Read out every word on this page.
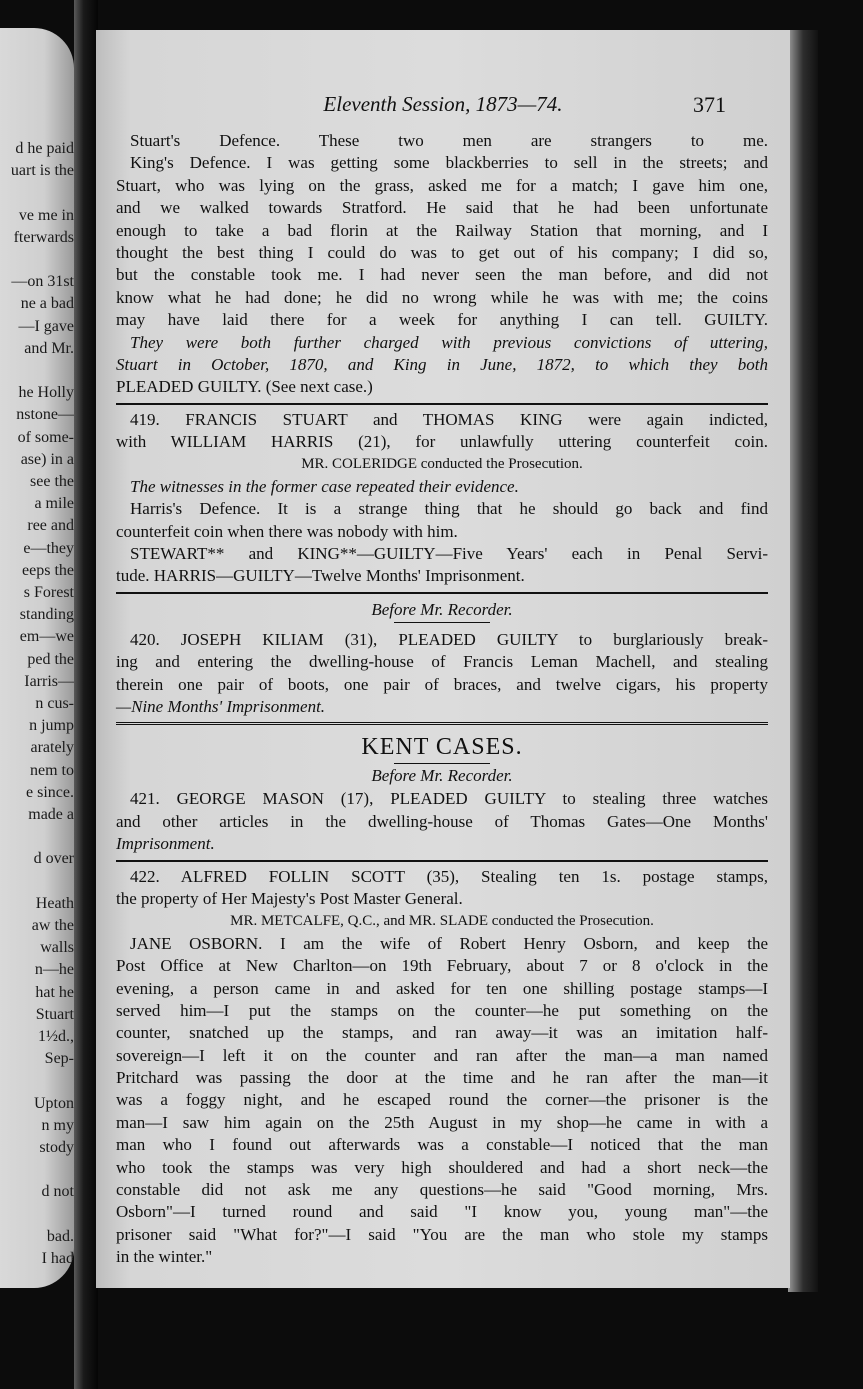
d he paid
uart is the
ve me in
fterwards
—on 31st
ne a bad
—I gave
and Mr.
he Holly
nstone—
of some-
ase) in a
see the
a mile
ree and
e—they
eeps the
s Forest
standing
em—we
ped the
Iarris—
n cus-
n jump
arately
nem to
e since.
made a
d over
Heath
aw the
walls
n—he
hat he
Stuart
1½d.,
Sep-
Upton
n my
stody
d not
bad.
I had
Eleventh Session, 1873—74.	371
Stuart's Defence. These two men are strangers to me.
King's Defence. I was getting some blackberries to sell in the streets; and
Stuart, who was lying on the grass, asked me for a match; I gave him one,
and we walked towards Stratford. He said that he had been unfortunate
enough to take a bad florin at the Railway Station that morning, and I
thought the best thing I could do was to get out of his company; I did so,
but the constable took me. I had never seen the man before, and did not
know what he had done; he did no wrong while he was with me; the coins
may have laid there for a week for anything I can tell. GUILTY.
They were both further charged with previous convictions of uttering,
Stuart in October, 1870, and King in June, 1872, to which they both
PLEADED GUILTY. (See next case.)
419. FRANCIS STUART and THOMAS KING were again indicted,
with WILLIAM HARRIS (21), for unlawfully uttering counterfeit coin.
MR. COLERIDGE conducted the Prosecution.
The witnesses in the former case repeated their evidence.
Harris's Defence. It is a strange thing that he should go back and find
counterfeit coin when there was nobody with him.
STEWART** and KING**—GUILTY—Five Years' each in Penal Servi-
tude. HARRIS—GUILTY—Twelve Months' Imprisonment.
Before Mr. Recorder.
420. JOSEPH KILIAM (31), PLEADED GUILTY to burglariously break-
ing and entering the dwelling-house of Francis Leman Machell, and stealing
therein one pair of boots, one pair of braces, and twelve cigars, his property
—Nine Months' Imprisonment.
KENT CASES.
Before Mr. Recorder.
421. GEORGE MASON (17), PLEADED GUILTY to stealing three watches
and other articles in the dwelling-house of Thomas Gates—One Months'
Imprisonment.
422. ALFRED FOLLIN SCOTT (35), Stealing ten 1s. postage stamps,
the property of Her Majesty's Post Master General.
MR. METCALFE, Q.C., and MR. SLADE conducted the Prosecution.
JANE OSBORN. I am the wife of Robert Henry Osborn, and keep the
Post Office at New Charlton—on 19th February, about 7 or 8 o'clock in the
evening, a person came in and asked for ten one shilling postage stamps—I
served him—I put the stamps on the counter—he put something on the
counter, snatched up the stamps, and ran away—it was an imitation half-
sovereign—I left it on the counter and ran after the man—a man named
Pritchard was passing the door at the time and he ran after the man—it
was a foggy night, and he escaped round the corner—the prisoner is the
man—I saw him again on the 25th August in my shop—he came in with a
man who I found out afterwards was a constable—I noticed that the man
who took the stamps was very high shouldered and had a short neck—the
constable did not ask me any questions—he said "Good morning, Mrs.
Osborn"—I turned round and said "I know you, young man"—the
prisoner said "What for?"—I said "You are the man who stole my stamps
in the winter."
